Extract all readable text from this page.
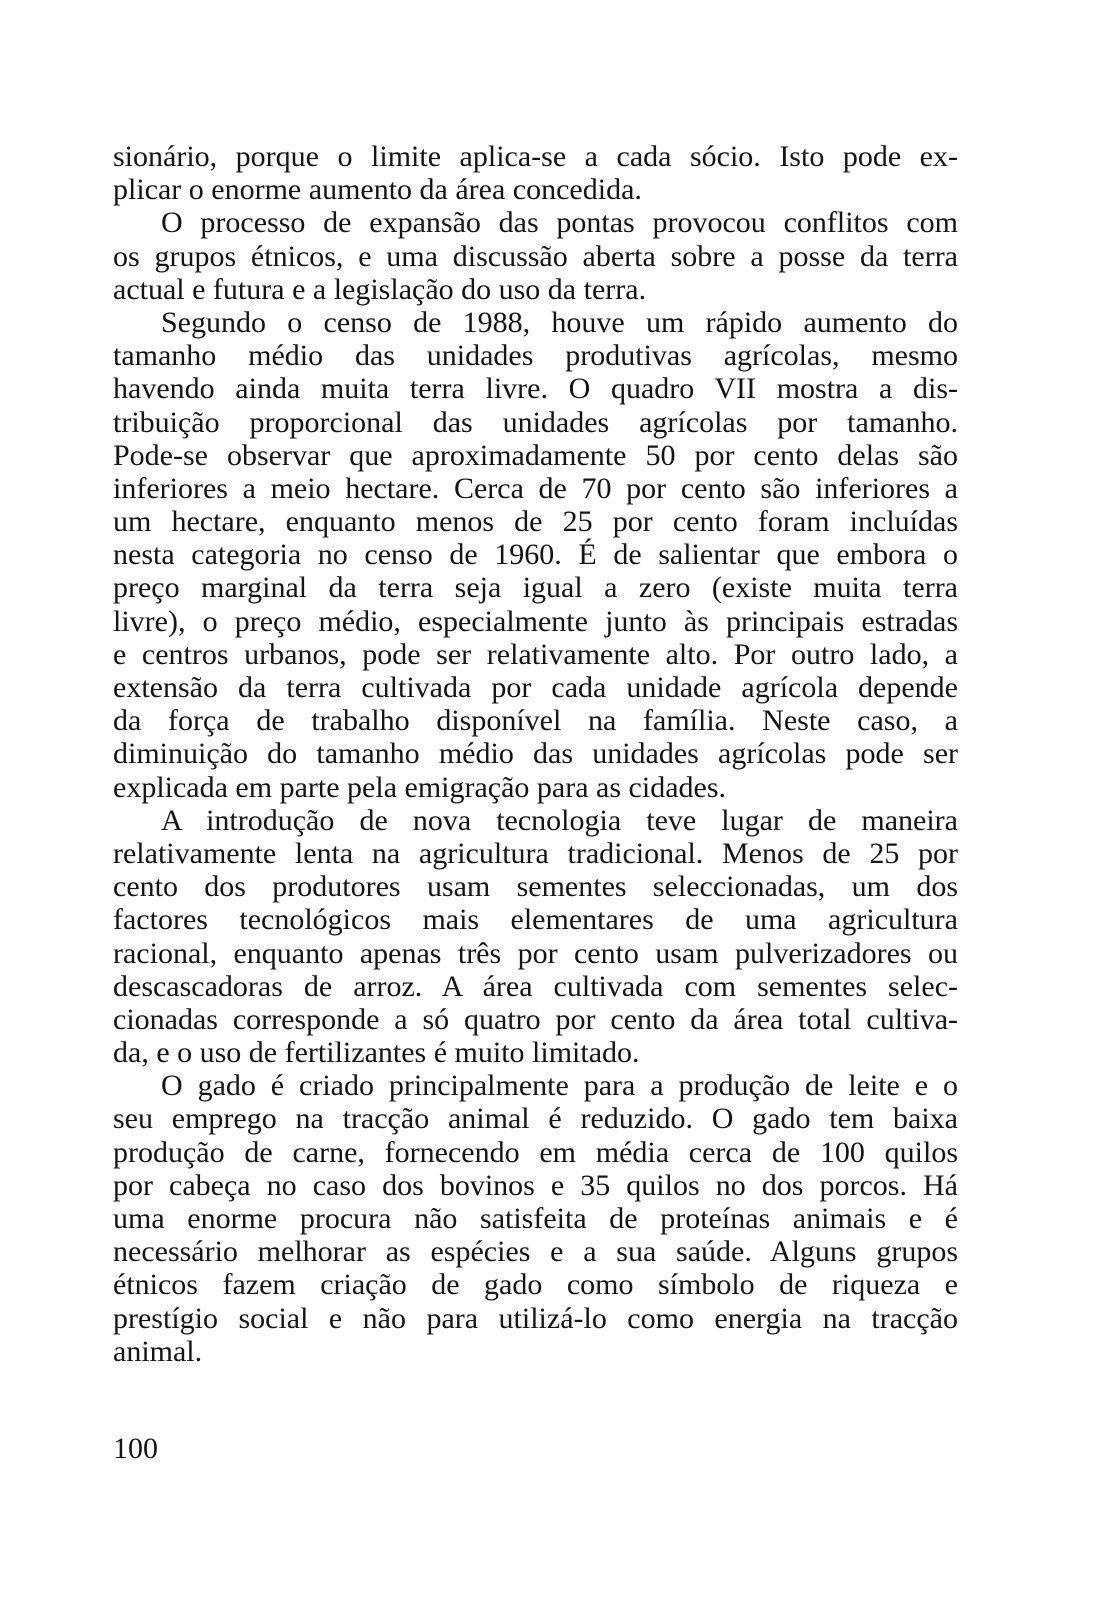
sionário, porque o limite aplica-se a cada sócio. Isto pode ex-
plicar o enorme aumento da área concedida.
O processo de expansão das pontas provocou conflitos com
os grupos étnicos, e uma discussão aberta sobre a posse da terra
actual e futura e a legislação do uso da terra.
Segundo o censo de 1988, houve um rápido aumento do
tamanho médio das unidades produtivas agrícolas, mesmo
havendo ainda muita terra livre. O quadro VII mostra a dis-
tribuição proporcional das unidades agrícolas por tamanho.
Pode-se observar que aproximadamente 50 por cento delas são
inferiores a meio hectare. Cerca de 70 por cento são inferiores a
um hectare, enquanto menos de 25 por cento foram incluídas
nesta categoria no censo de 1960. É de salientar que embora o
preço marginal da terra seja igual a zero (existe muita terra
livre), o preço médio, especialmente junto às principais estradas
e centros urbanos, pode ser relativamente alto. Por outro lado, a
extensão da terra cultivada por cada unidade agrícola depende
da força de trabalho disponível na família. Neste caso, a
diminuição do tamanho médio das unidades agrícolas pode ser
explicada em parte pela emigração para as cidades.
A introdução de nova tecnologia teve lugar de maneira
relativamente lenta na agricultura tradicional. Menos de 25 por
cento dos produtores usam sementes seleccionadas, um dos
factores tecnológicos mais elementares de uma agricultura
racional, enquanto apenas três por cento usam pulverizadores ou
descascadoras de arroz. A área cultivada com sementes selec-
cionadas corresponde a só quatro por cento da área total cultiva-
da, e o uso de fertilizantes é muito limitado.
O gado é criado principalmente para a produção de leite e o
seu emprego na tracção animal é reduzido. O gado tem baixa
produção de carne, fornecendo em média cerca de 100 quilos
por cabeça no caso dos bovinos e 35 quilos no dos porcos. Há
uma enorme procura não satisfeita de proteínas animais e é
necessário melhorar as espécies e a sua saúde. Alguns grupos
étnicos fazem criação de gado como símbolo de riqueza e
prestígio social e não para utilizá-lo como energia na tracção
animal.
100
